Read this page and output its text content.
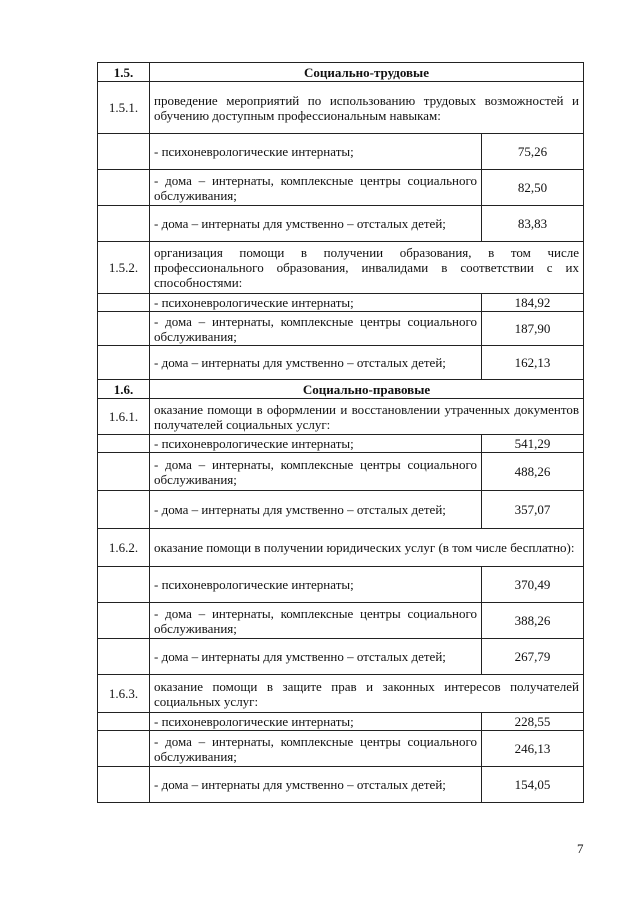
1.5.	Социально-трудовые	
1.5.1.	проведение мероприятий по использованию трудовых возможностей и обучению доступным профессиональным навыкам:	
	- психоневрологические интернаты;	75,26
	- дома – интернаты, комплексные центры социального обслуживания;	82,50
	- дома – интернаты для умственно – отсталых детей;	83,83
1.5.2.	организация помощи в получении образования, в том числе профессионального образования, инвалидами в соответствии с их способностями:	
	- психоневрологические интернаты;	184,92
	- дома – интернаты, комплексные центры социального обслуживания;	187,90
	- дома – интернаты для умственно – отсталых детей;	162,13
1.6.	Социально-правовые	
1.6.1.	оказание помощи в оформлении и восстановлении утраченных документов получателей социальных услуг:	
	- психоневрологические интернаты;	541,29
	- дома – интернаты, комплексные центры социального обслуживания;	488,26
	- дома – интернаты для умственно – отсталых детей;	357,07
1.6.2.	оказание помощи в получении юридических услуг (в том числе бесплатно):	
	- психоневрологические интернаты;	370,49
	- дома – интернаты, комплексные центры социального обслуживания;	388,26
	- дома – интернаты для умственно – отсталых детей;	267,79
1.6.3.	оказание помощи в защите прав и законных интересов получателей социальных услуг:	
	- психоневрологические интернаты;	228,55
	- дома – интернаты, комплексные центры социального обслуживания;	246,13
	- дома – интернаты для умственно – отсталых детей;	154,05
7
